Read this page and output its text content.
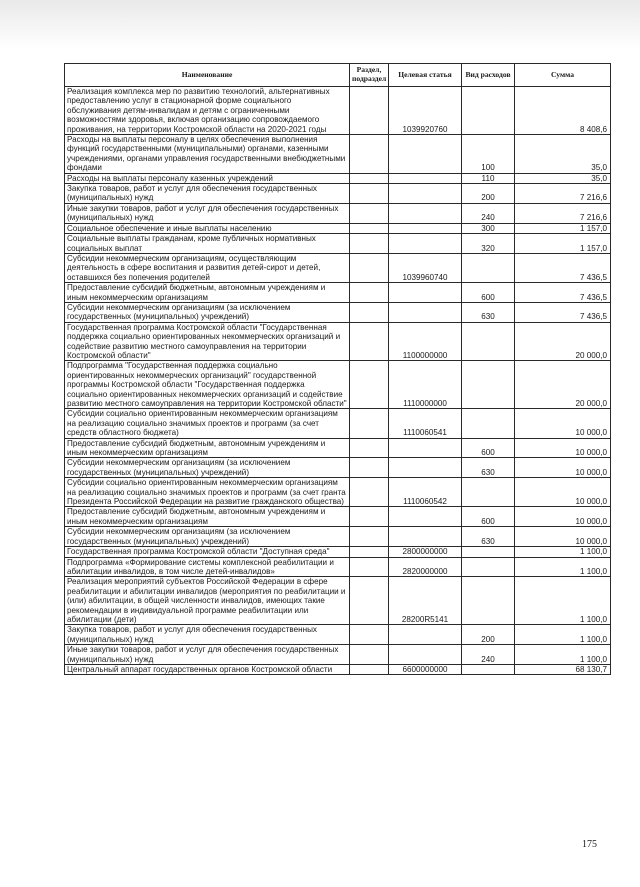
Наименование	Раздел, подраздел	Целевая статья	Вид расходов	Сумма
Реализация комплекса мер по развитию технологий, альтернативных предоставлению услуг в стационарной форме социального обслуживания детям-инвалидам и детям с ограниченными возможностями здоровья, включая организацию сопровождаемого проживания, на территории Костромской области на 2020-2021 годы		1039920760		8 408,6
Расходы на выплаты персоналу в целях обеспечения выполнения функций государственными (муниципальными) органами, казенными учреждениями, органами управления государственными внебюджетными фондами			100	35,0
Расходы на выплаты персоналу казенных учреждений			110	35,0
Закупка товаров, работ и услуг для обеспечения государственных (муниципальных) нужд			200	7 216,6
Иные закупки товаров, работ и услуг для обеспечения государственных (муниципальных) нужд			240	7 216,6
Социальное обеспечение и иные выплаты населению			300	1 157,0
Социальные выплаты гражданам, кроме публичных нормативных социальных выплат			320	1 157,0
Субсидии некоммерческим организациям, осуществляющим деятельность в сфере воспитания и развития детей-сирот и детей, оставшихся без попечения родителей		1039960740		7 436,5
Предоставление субсидий бюджетным, автономным учреждениям и иным некоммерческим организациям			600	7 436,5
Субсидии некоммерческим организациям (за исключением государственных (муниципальных) учреждений)			630	7 436,5
Государственная программа Костромской области "Государственная поддержка социально ориентированных некоммерческих организаций и содействие развитию местного самоуправления на территории Костромской области"		1100000000		20 000,0
Подпрограмма "Государственная поддержка социально ориентированных некоммерческих организаций" государственной программы Костромской области "Государственная поддержка социально ориентированных некоммерческих организаций и содействие развитию местного самоуправления на территории Костромской области"		1110000000		20 000,0
Субсидии социально ориентированным некоммерческим организациям на реализацию социально значимых проектов и программ (за счет средств областного бюджета)		1110060541		10 000,0
Предоставление субсидий бюджетным, автономным учреждениям и иным некоммерческим организациям			600	10 000,0
Субсидии некоммерческим организациям (за исключением государственных (муниципальных) учреждений)			630	10 000,0
Субсидии социально ориентированным некоммерческим организациям на реализацию социально значимых проектов и программ (за счет гранта Президента Российской Федерации на развитие гражданского общества)		1110060542		10 000,0
Предоставление субсидий бюджетным, автономным учреждениям и иным некоммерческим организациям			600	10 000,0
Субсидии некоммерческим организациям (за исключением государственных (муниципальных) учреждений)			630	10 000,0
Государственная программа Костромской области "Доступная среда"		2800000000		1 100,0
Подпрограмма «Формирование системы комплексной реабилитации и абилитации инвалидов, в том числе детей-инвалидов»		2820000000		1 100,0
Реализация мероприятий субъектов Российской Федерации в сфере реабилитации и абилитации инвалидов (мероприятия по реабилитации и (или) абилитации, в общей численности инвалидов, имеющих такие рекомендации в индивидуальной программе реабилитации или абилитации (дети)		28200R5141		1 100,0
Закупка товаров, работ и услуг для обеспечения государственных (муниципальных) нужд			200	1 100,0
Иные закупки товаров, работ и услуг для обеспечения государственных (муниципальных) нужд			240	1 100,0
Центральный аппарат государственных органов Костромской области		6600000000		68 130,7
175
